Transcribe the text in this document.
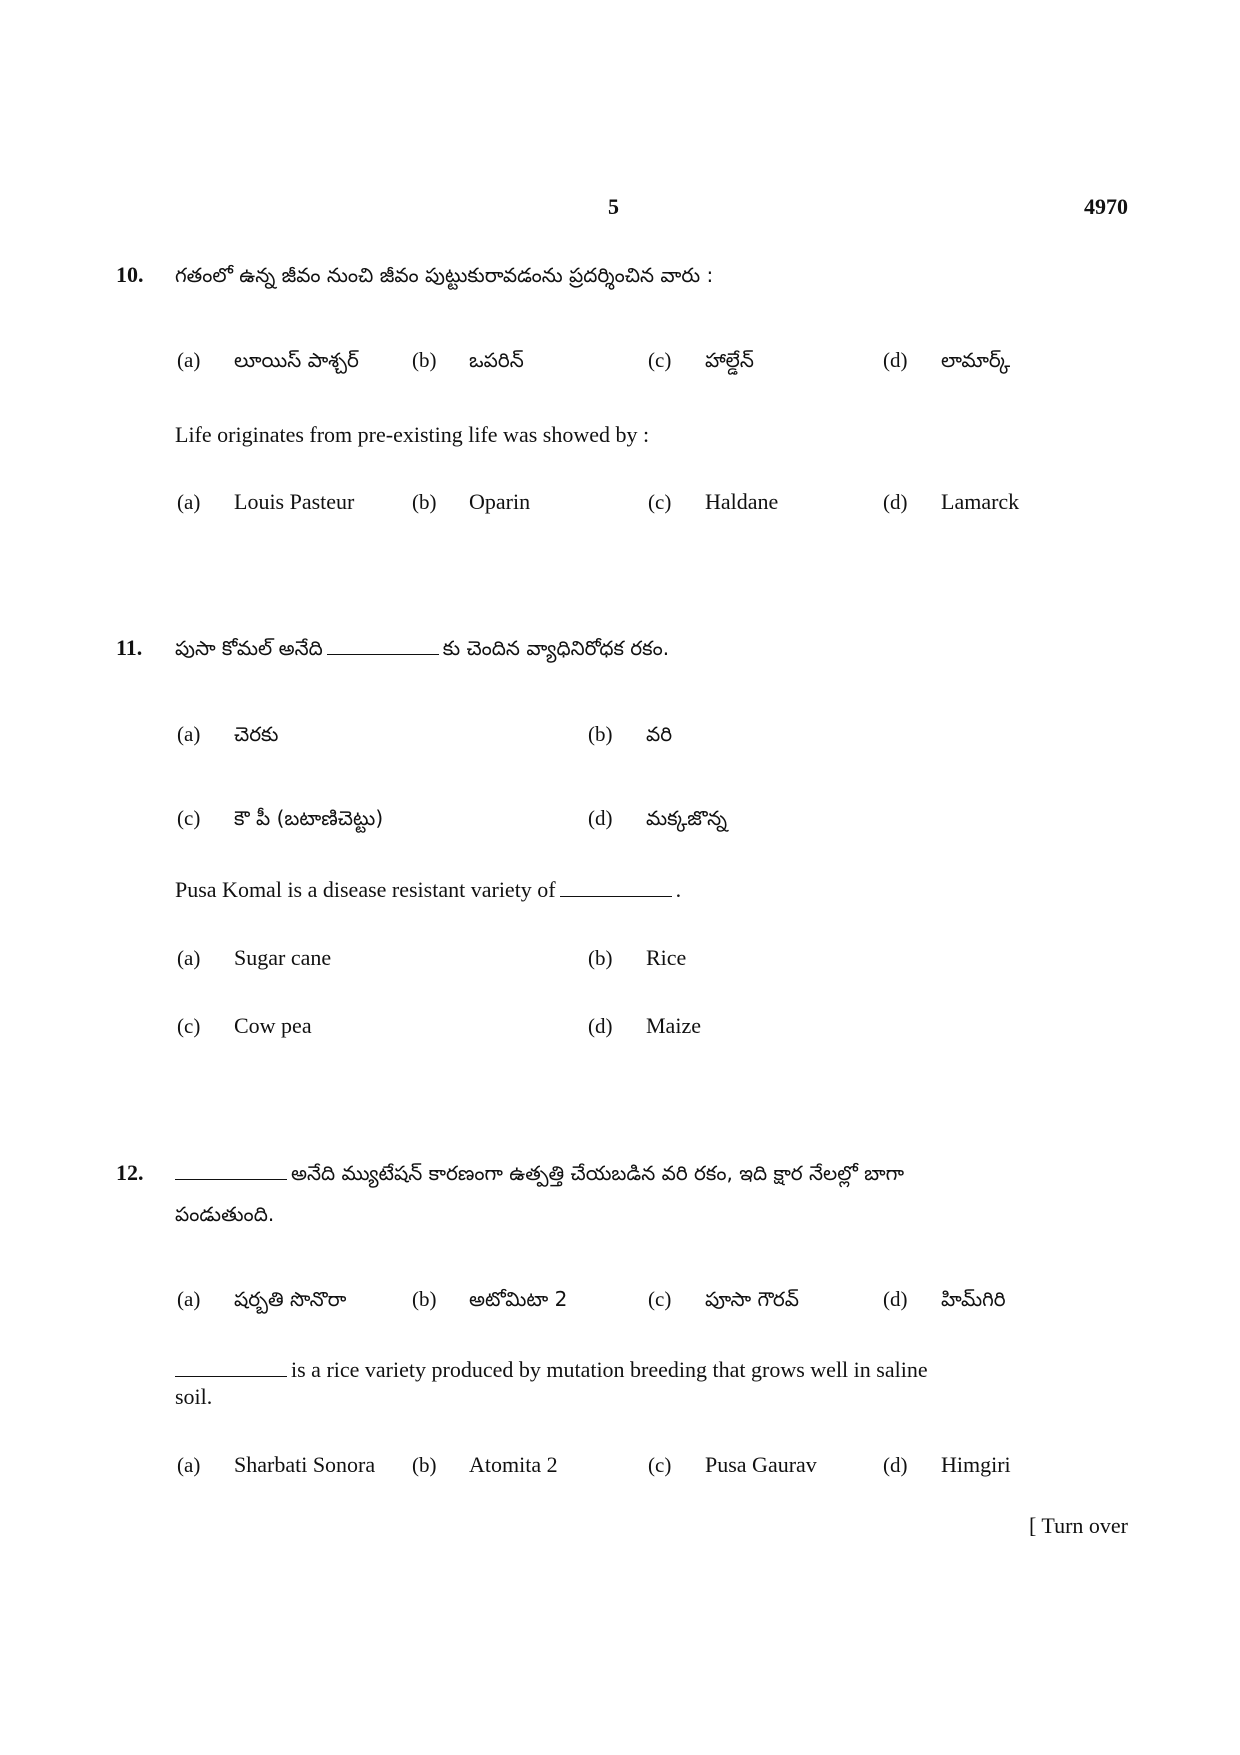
5	4970
10. గతంలో ఉన్న జీవం నుంచి జీవం పుట్టుకురావడంను ప్రదర్శించిన వారు :
(a) లూయిస్ పాశ్చర్	(b) ఒపరిన్	(c) హాల్డేన్	(d) లామార్క్
Life originates from pre-existing life was showed by :
(a) Louis Pasteur	(b) Oparin	(c) Haldane	(d) Lamarck
11. పుసా కోమల్ అనేది	కు చెందిన వ్యాధినిరోధక రకం.
(a) చెరకు	(b) వరి
(c) కౌ పీ (బటాణిచెట్టు)	(d) మక్కజొన్న
Pusa Komal is a disease resistant variety of	.
(a) Sugar cane	(b) Rice
(c) Cow pea	(d) Maize
12.	అనేది మ్యుటేషన్ కారణంగా ఉత్పత్తి చేయబడిన వరి రకం, ఇది క్షార నేలల్లో బాగా
పండుతుంది.
(a) షర్బతి సొనొరా	(b) అటోమిటా 2	(c) పూసా గౌరవ్	(d) హిమ్‌గిరి
is a rice variety produced by mutation breeding that grows well in saline
soil.
(a) Sharbati Sonora (b) Atomita 2	(c) Pusa Gaurav	(d) Himgiri
[ Turn over
